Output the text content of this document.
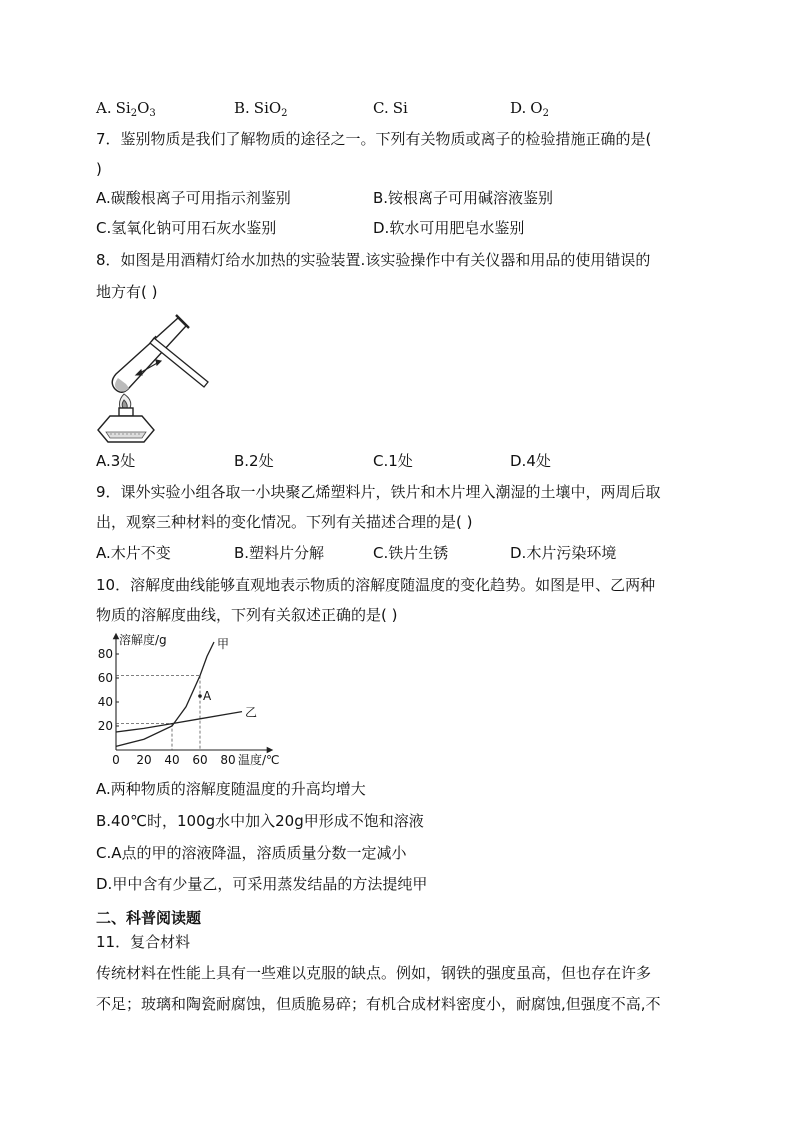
A. $Si_2O_3$	B. SiO$_2$	C. Si	D. $O_2$
7．鉴别物质是我们了解物质的途径之一。下列有关物质或离子的检验措施正确的是(
)
A.碳酸根离子可用指示剂鉴别	B.铵根离子可用碱溶液鉴别
C.氢氧化钠可用石灰水鉴别	D.软水可用肥皂水鉴别
8．如图是用酒精灯给水加热的实验装置.该实验操作中有关仪器和用品的使用错误的
地方有( )
A.3处	B.2处	C.1处	D.4处
9．课外实验小组各取一小块聚乙烯塑料片，铁片和木片埋入潮湿的土壤中，两周后取
出，观察三种材料的变化情况。下列有关描述合理的是( )
A.木片不变	B.塑料片分解	C.铁片生锈	D.木片污染环境
10．溶解度曲线能够直观地表示物质的溶解度随温度的变化趋势。如图是甲、乙两种
物质的溶解度曲线，下列有关叙述正确的是( )
0 20 40 60 80
20
40
60
80
溶解度/g
温度/℃
甲
乙
A
A.两种物质的溶解度随温度的升高均增大
B.40℃时，100g水中加入20g甲形成不饱和溶液
C.A点的甲的溶液降温，溶质质量分数一定减小
D.甲中含有少量乙，可采用蒸发结晶的方法提纯甲
二、科普阅读题
11．复合材料
传统材料在性能上具有一些难以克服的缺点。例如，钢铁的强度虽高，但也存在许多
不足；玻璃和陶瓷耐腐蚀，但质脆易碎；有机合成材料密度小，耐腐蚀,但强度不高,不
